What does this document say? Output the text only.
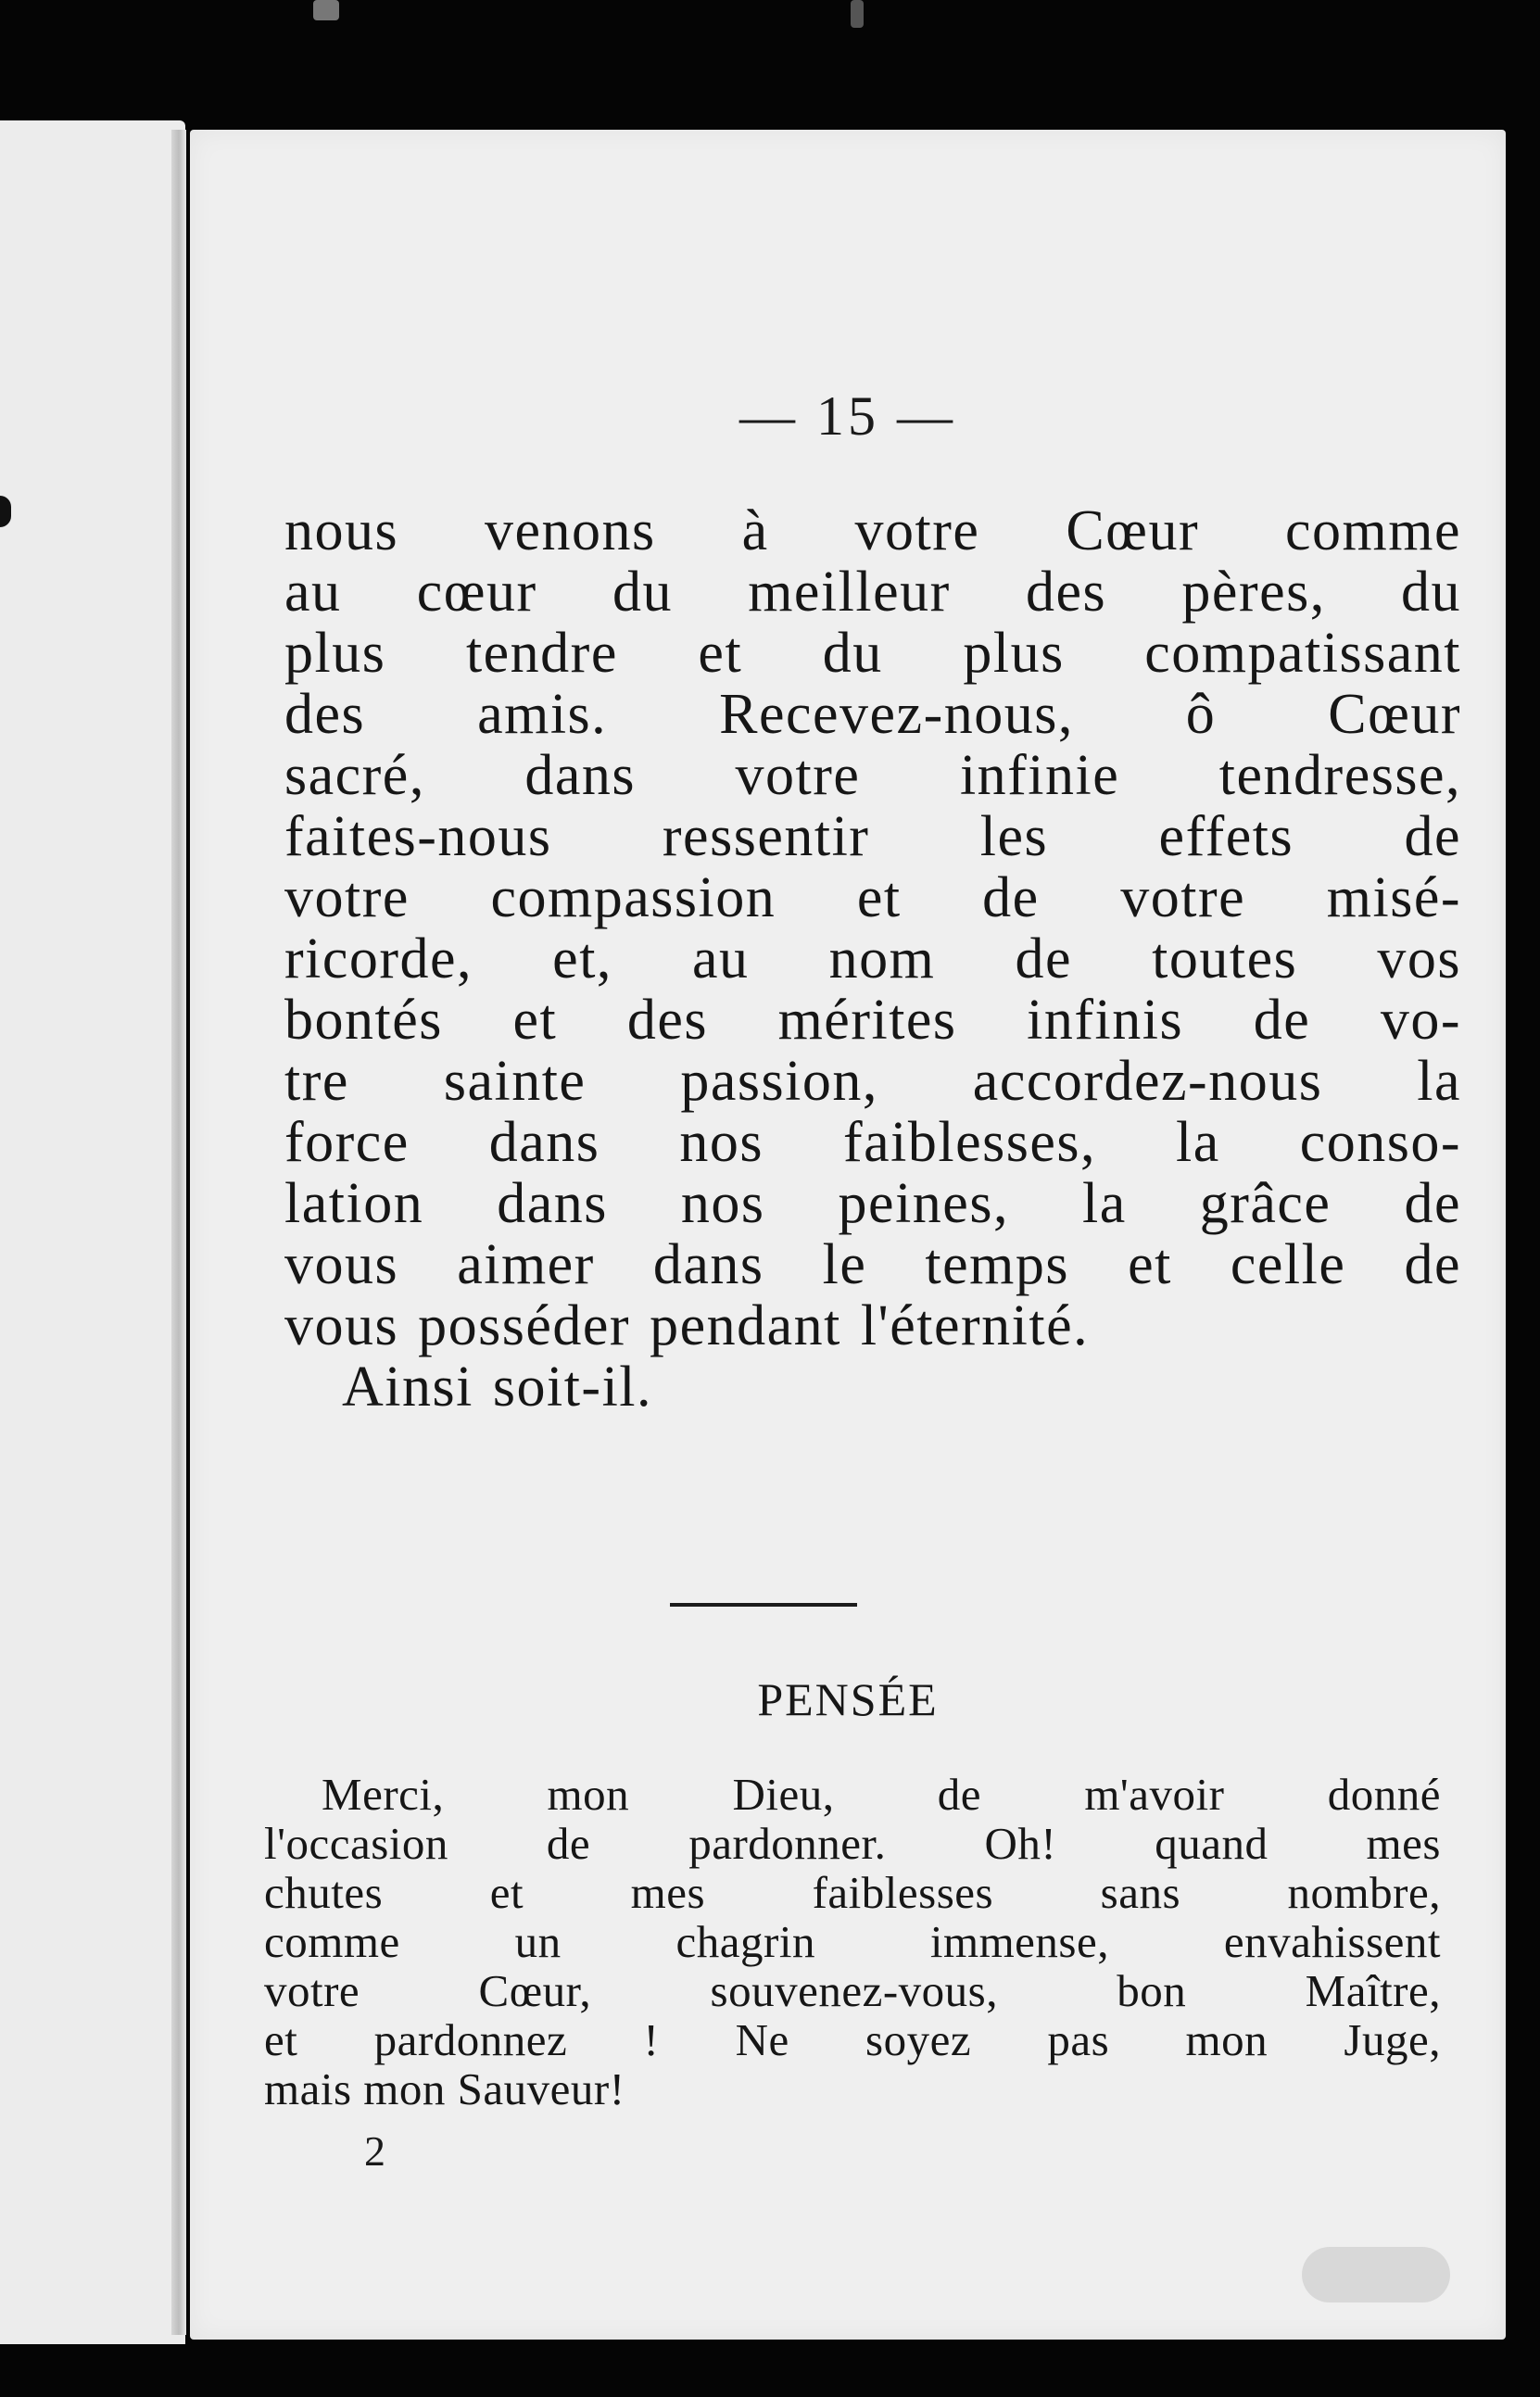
— 15 —
nous venons à votre Cœur comme
au cœur du meilleur des pères, du
plus tendre et du plus compatissant
des amis. Recevez-nous, ô Cœur
sacré, dans votre infinie tendresse,
faites-nous ressentir les effets de
votre compassion et de votre misé-
ricorde, et, au nom de toutes vos
bontés et des mérites infinis de vo-
tre sainte passion, accordez-nous la
force dans nos faiblesses, la conso-
lation dans nos peines, la grâce de
vous aimer dans le temps et celle de
vous posséder pendant l'éternité.
Ainsi soit-il.
PENSÉE
Merci, mon Dieu, de m'avoir donné
l'occasion de pardonner. Oh! quand mes
chutes et mes faiblesses sans nombre,
comme un chagrin immense, envahissent
votre Cœur, souvenez-vous, bon Maître,
et pardonnez ! Ne soyez pas mon Juge,
mais mon Sauveur!
2
